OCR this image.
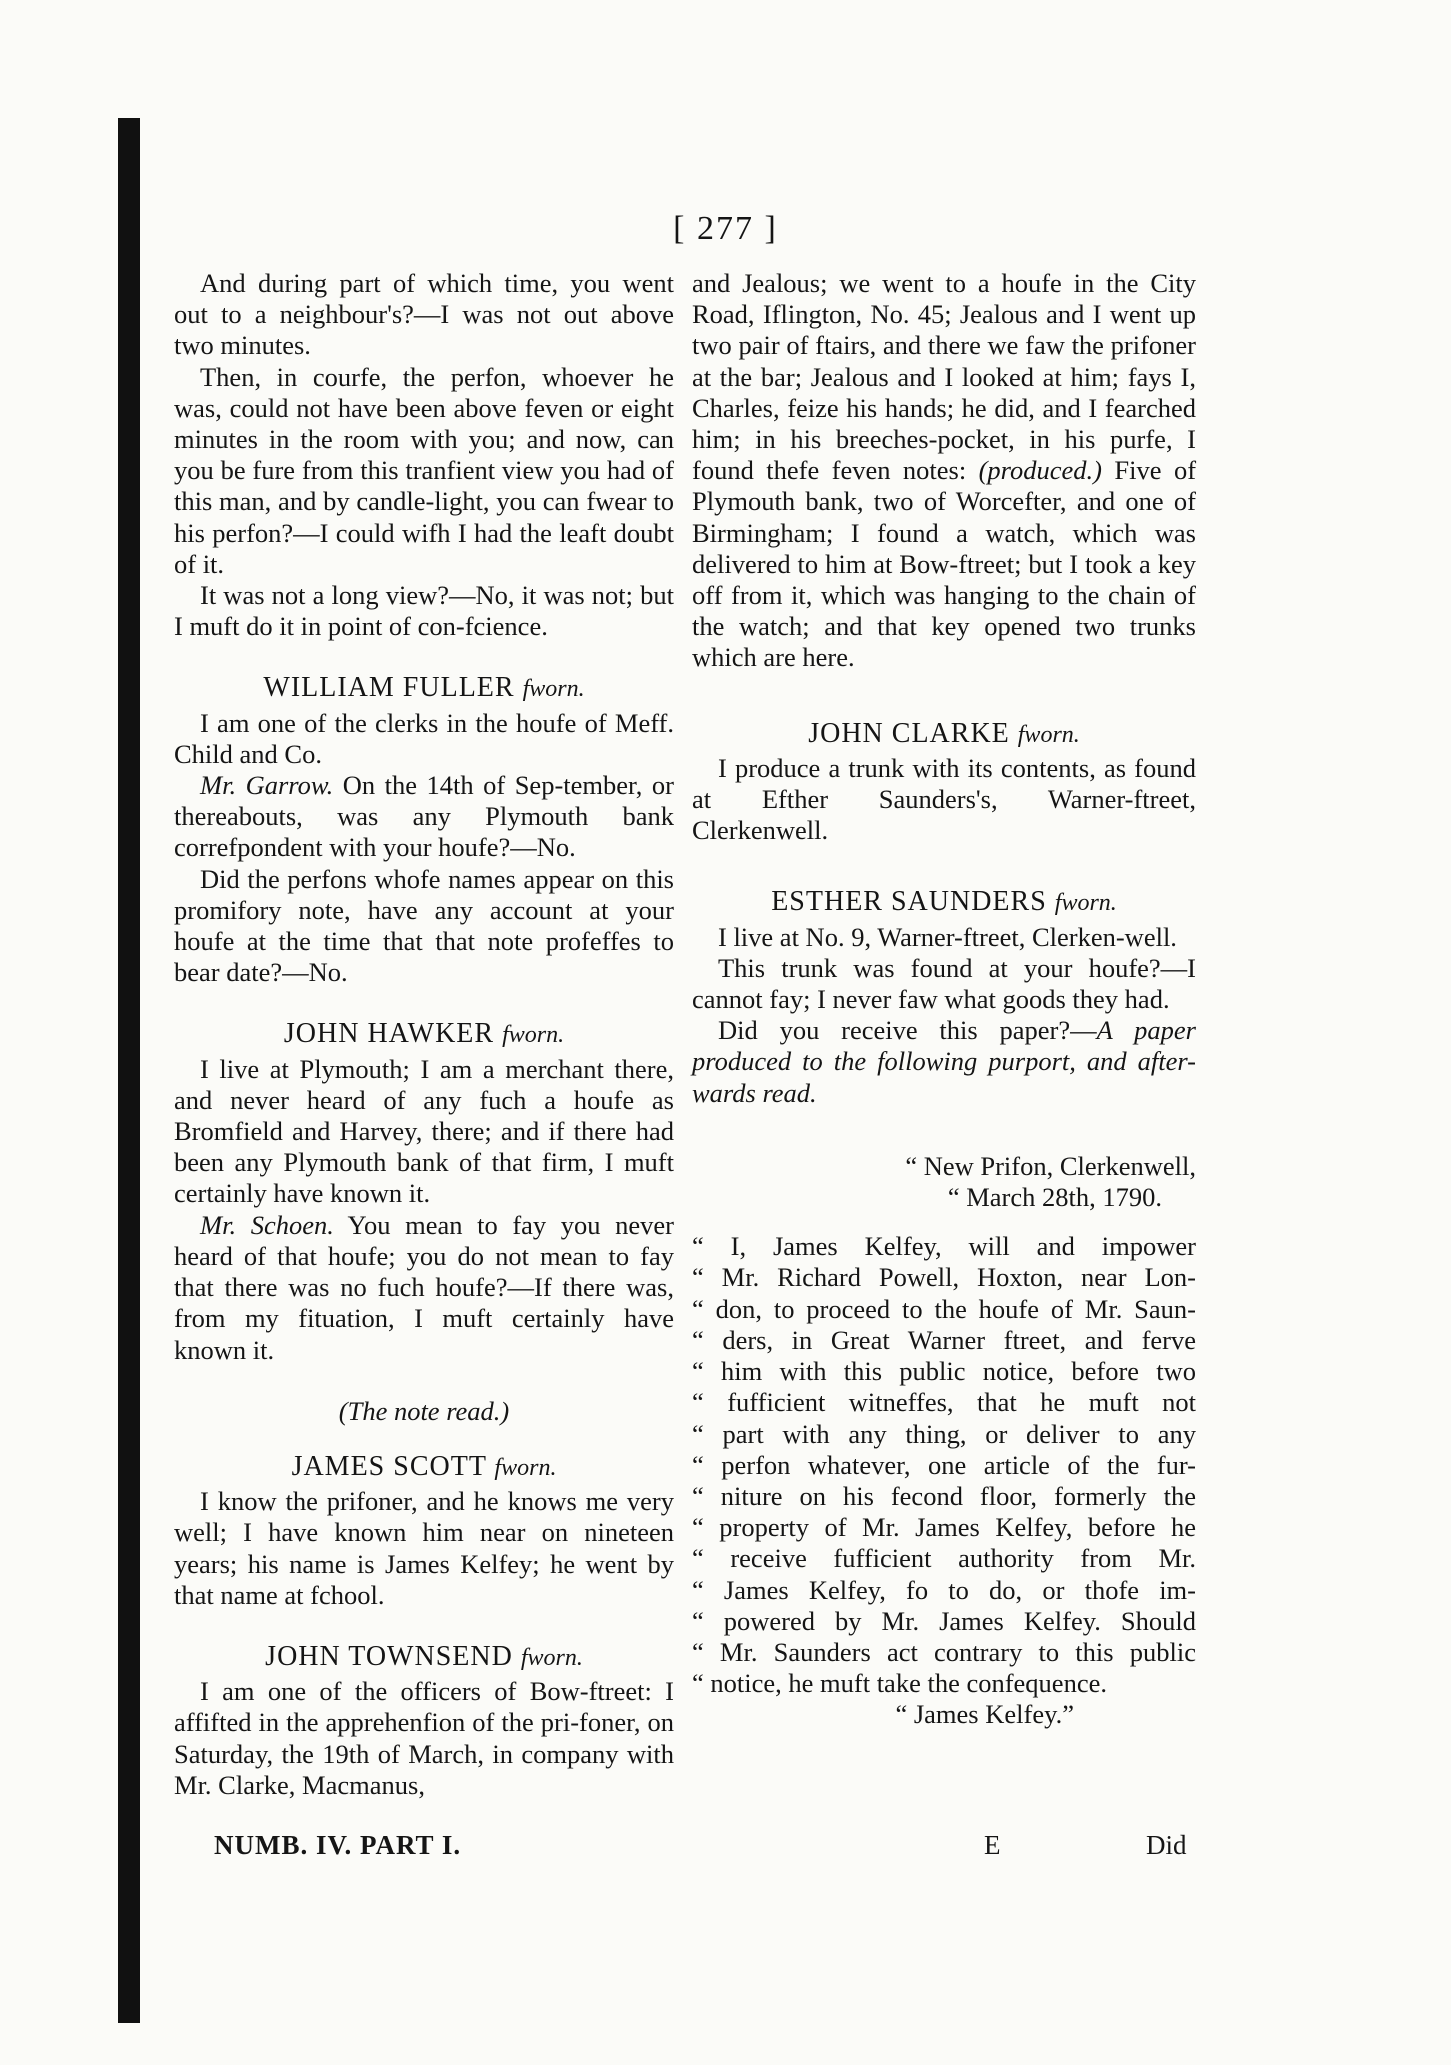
[ 277 ]

And during part of which time, you went out to a neighbour's?—I was not out above two minutes.

Then, in courfe, the perfon, whoever he was, could not have been above feven or eight minutes in the room with you; and now, can you be fure from this tranfient view you had of this man, and by candle-light, you can fwear to his perfon?—I could wifh I had the leaft doubt of it.

It was not a long view?—No, it was not; but I muft do it in point of con-fcience.

WILLIAM FULLER fworn.

I am one of the clerks in the houfe of Meff. Child and Co.

Mr. Garrow. On the 14th of Sep-tember, or thereabouts, was any Plymouth bank correfpondent with your houfe?—No.

Did the perfons whofe names appear on this promifory note, have any account at your houfe at the time that that note profeffes to bear date?—No.

JOHN HAWKER fworn.

I live at Plymouth; I am a merchant there, and never heard of any fuch a houfe as Bromfield and Harvey, there; and if there had been any Plymouth bank of that firm, I muft certainly have known it.

Mr. Schoen. You mean to fay you never heard of that houfe; you do not mean to fay that there was no fuch houfe?—If there was, from my fituation, I muft certainly have known it.

(The note read.)
JAMES SCOTT fworn.

I know the prifoner, and he knows me very well; I have known him near on nineteen years; his name is James Kelfey; he went by that name at fchool.

JOHN TOWNSEND fworn.

I am one of the officers of Bow-ftreet: I affifted in the apprehenfion of the pri-foner, on Saturday, the 19th of March, in company with Mr. Clarke, Macmanus,

and Jealous; we went to a houfe in the City Road, Iflington, No. 45; Jealous and I went up two pair of ftairs, and there we faw the prifoner at the bar; Jealous and I looked at him; fays I, Charles, feize his hands; he did, and I fearched him; in his breeches-pocket, in his purfe, I found thefe feven notes: (produced.) Five of Plymouth bank, two of Worcefter, and one of Birmingham; I found a watch, which was delivered to him at Bow-ftreet; but I took a key off from it, which was hanging to the chain of the watch; and that key opened two trunks which are here.

JOHN CLARKE fworn.

I produce a trunk with its contents, as found at Efther Saunders's, Warner-ftreet, Clerkenwell.

ESTHER SAUNDERS fworn.

I live at No. 9, Warner-ftreet, Clerken-well.

This trunk was found at your houfe?—I cannot fay; I never faw what goods they had.

Did you receive this paper?—A paper produced to the following purport, and after-wards read.

“ New Prifon, Clerkenwell,
“ March 28th, 1790.
“ I, James Kelfey, will and impower
“ Mr. Richard Powell, Hoxton, near Lon-
“ don, to proceed to the houfe of Mr. Saun-
“ ders, in Great Warner ftreet, and ferve
“ him with this public notice, before two
“ fufficient witneffes, that he muft not
“ part with any thing, or deliver to any
“ perfon whatever, one article of the fur-
“ niture on his fecond floor, formerly the
“ property of Mr. James Kelfey, before he
“ receive fufficient authority from Mr.
“ James Kelfey, fo to do, or thofe im-
“ powered by Mr. James Kelfey. Should
“ Mr. Saunders act contrary to this public
“ notice, he muft take the confequence.
“ James Kelfey.”
NUMB. IV. PART I.	E	Did
